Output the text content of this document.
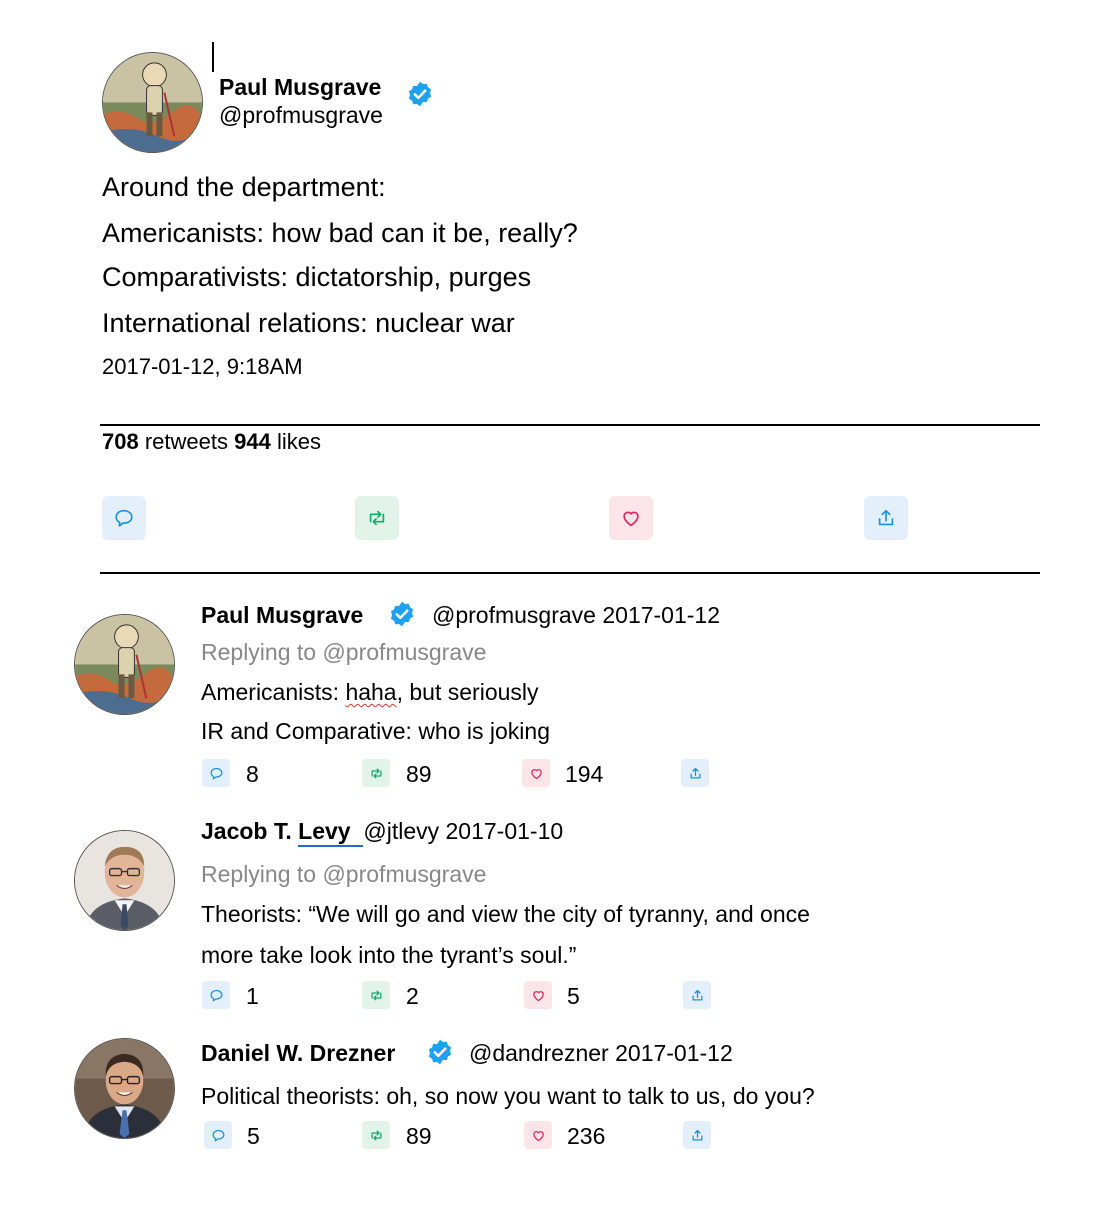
Paul Musgrave
@profmusgrave
Around the department:
Americanists: how bad can it be, really?
Comparativists: dictatorship, purges
International relations: nuclear war
2017-01-12, 9:18AM
708 retweets 944 likes
Paul Musgrave	@profmusgrave 2017-01-12
Replying to @profmusgrave
Americanists: haha, but seriously
IR and Comparative: who is joking
8	89	194
Jacob T. Levy @jtlevy 2017-01-10
Replying to @profmusgrave
Theorists: “We will go and view the city of tyranny, and once
more take look into the tyrant’s soul.”
1	2	5
Daniel W. Drezner	@dandrezner 2017-01-12
Political theorists: oh, so now you want to talk to us, do you?
5	89	236
